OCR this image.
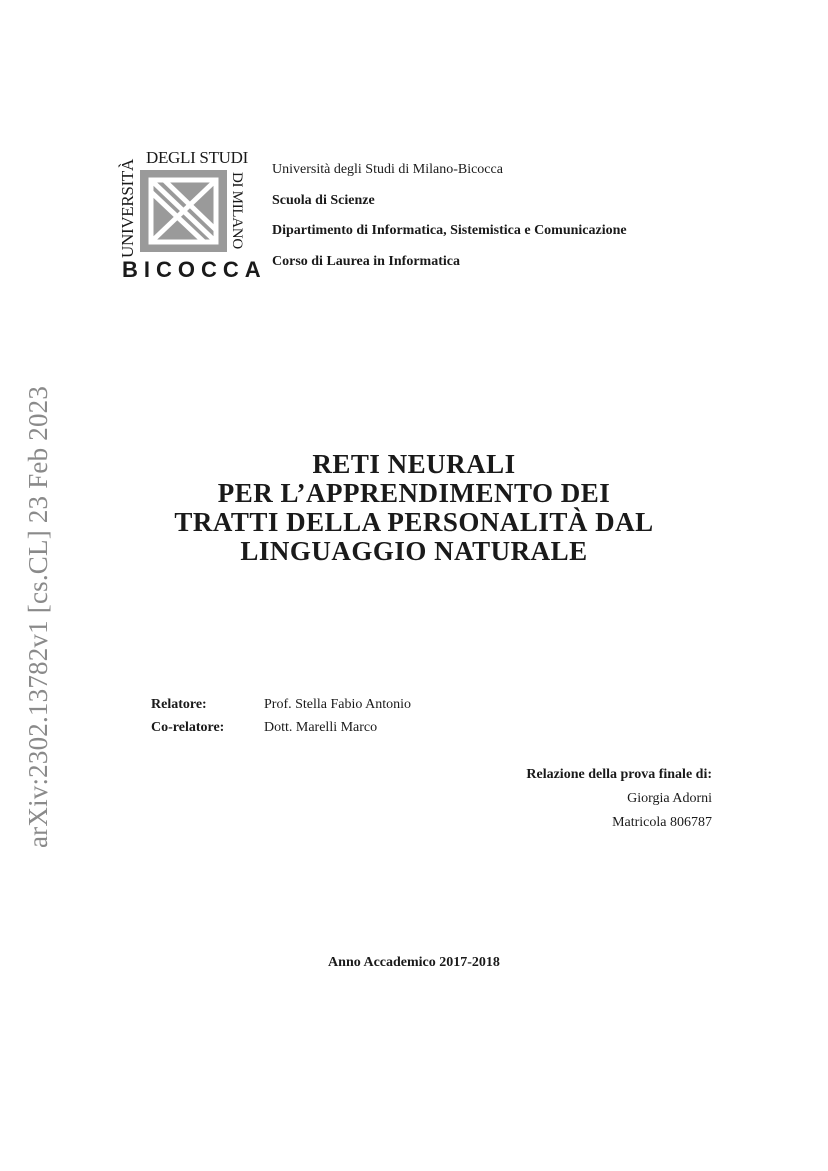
arXiv:2302.13782v1 [cs.CL] 23 Feb 2023
DEGLI STUDI
UNIVERSITÀ	DI MILANO
BICOCCA
Università degli Studi di Milano-Bicocca
Scuola di Scienze
Dipartimento di Informatica, Sistemistica e Comunicazione
Corso di Laurea in Informatica
RETI NEURALI
PER L’APPRENDIMENTO DEI
TRATTI DELLA PERSONALITÀ DAL
LINGUAGGIO NATURALE
Relatore:	Prof. Stella Fabio Antonio
Co-relatore:	Dott. Marelli Marco
Relazione della prova finale di:
Giorgia Adorni
Matricola 806787
Anno Accademico 2017-2018
